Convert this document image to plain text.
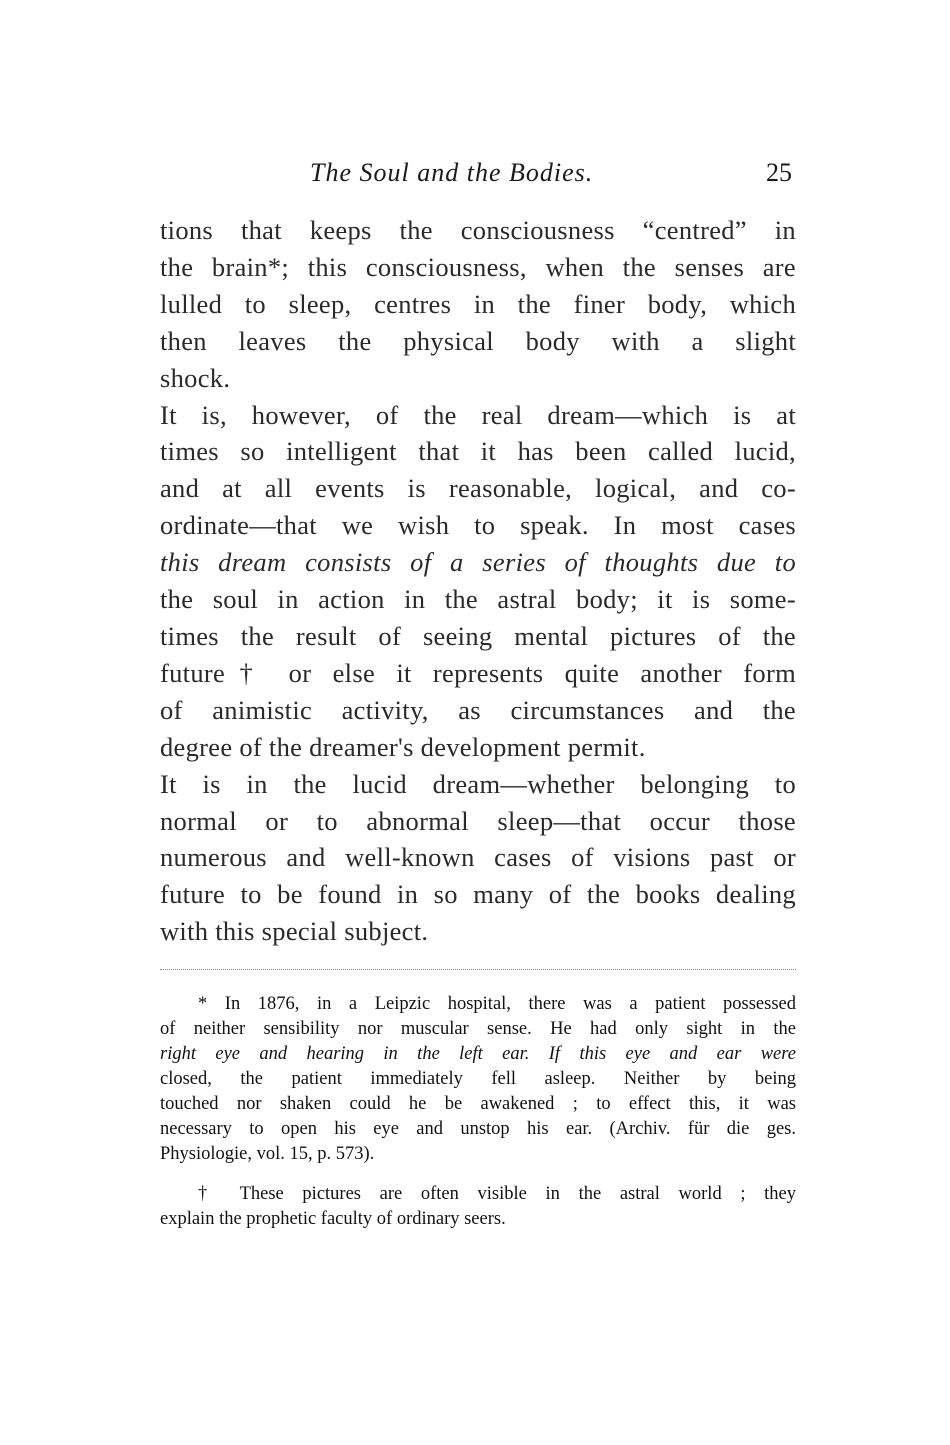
The Soul and the Bodies.	25
tions that keeps the consciousness “centred” in
the brain*; this consciousness, when the senses are
lulled to sleep, centres in the finer body, which
then leaves the physical body with a slight
shock.
It is, however, of the real dream—which is at
times so intelligent that it has been called lucid,
and at all events is reasonable, logical, and co-
ordinate—that we wish to speak. In most cases
this dream consists of a series of thoughts due to
the soul in action in the astral body; it is some-
times the result of seeing mental pictures of the
future† or else it represents quite another form
of animistic activity, as circumstances and the
degree of the dreamer's development permit.
It is in the lucid dream—whether belonging to
normal or to abnormal sleep—that occur those
numerous and well-known cases of visions past or
future to be found in so many of the books dealing
with this special subject.
* In 1876, in a Leipzic hospital, there was a patient possessed
of neither sensibility nor muscular sense. He had only sight in the
right eye and hearing in the left ear. If this eye and ear were
closed, the patient immediately fell asleep. Neither by being
touched nor shaken could he be awakened ; to effect this, it was
necessary to open his eye and unstop his ear. (Archiv. für die ges.
Physiologie, vol. 15, p. 573).
† These pictures are often visible in the astral world ; they
explain the prophetic faculty of ordinary seers.
